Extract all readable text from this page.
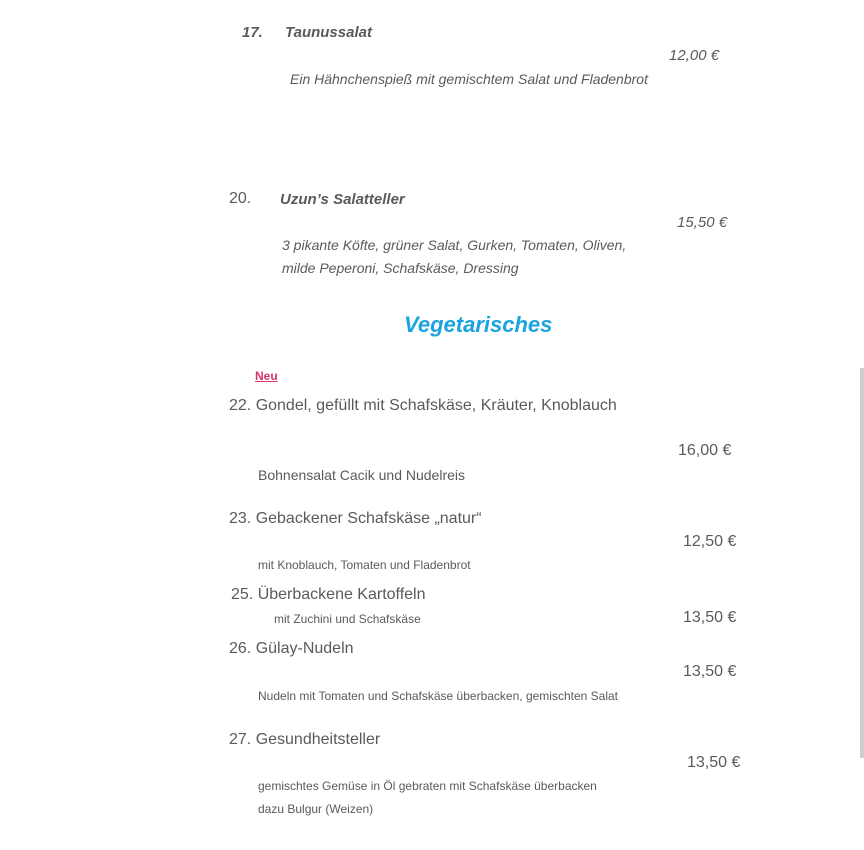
17. Taunussalat
12,00 €
Ein Hähnchenspieß mit gemischtem Salat und Fladenbrot
20. Uzun’s Salatteller
15,50 €
3 pikante Köfte, grüner Salat, Gurken, Tomaten, Oliven,
milde Peperoni, Schafskäse, Dressing
Vegetarisches
Neu
22. Gondel, gefüllt mit Schafskäse, Kräuter, Knoblauch
16,00 €
Bohnensalat Cacik und Nudelreis
23. Gebackener Schafskäse „natur“
12,50 €
mit Knoblauch, Tomaten und Fladenbrot
25. Überbackene Kartoffeln
13,50 €
mit Zuchini und Schafskäse
26. Gülay-Nudeln
13,50 €
Nudeln mit Tomaten und Schafskäse überbacken, gemischten Salat
27. Gesundheitsteller
13,50 €
gemischtes Gemüse in Öl gebraten mit Schafskäse überbacken
dazu Bulgur (Weizen)
